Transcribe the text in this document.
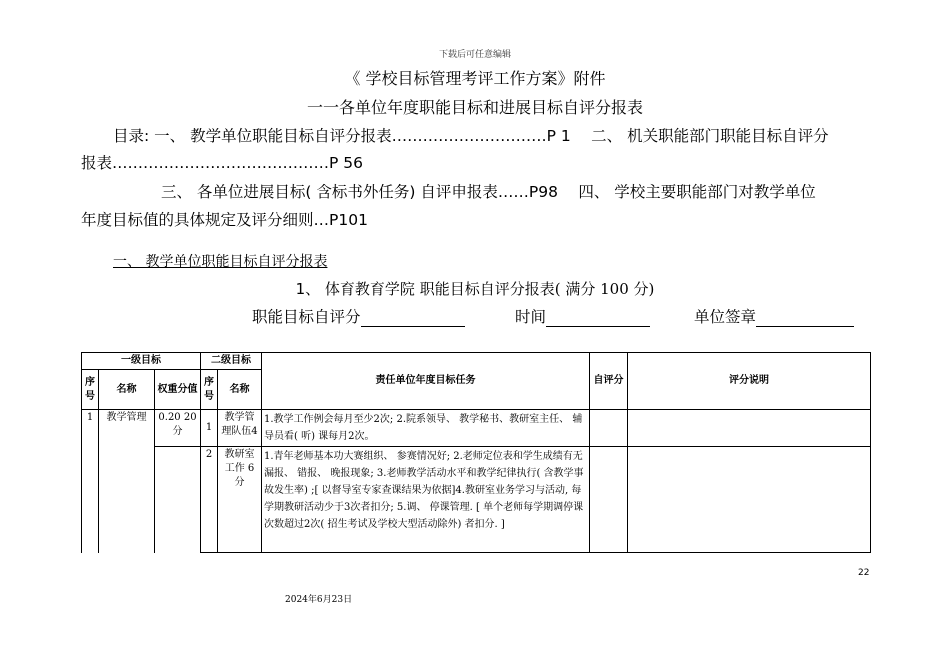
下载后可任意编辑
《 学校目标管理考评工作方案》附件
一一各单位年度职能目标和进展目标自评分报表
目录: 一、 教学单位职能目标自评分报表…………………………P 1　 二、 机关职能部门职能目标自评分
报表……………………………………P 56
三、 各单位进展目标( 含标书外任务) 自评申报表……P98　 四、 学校主要职能部门对教学单位
年度目标值的具体规定及评分细则…P101
一、 教学单位职能目标自评分报表
1、 体育教育学院 职能目标自评分报表( 满分 100 分)
职能目标自评分	时间	单位签章
一级目标			二级目标		责任单位年度目标任务	自评分	评分说明
序号	名称	权重分值	序号	名称			
1	教学管理	0.20 20分	1	教学管理队伍4	1.教学工作例会每月至少2次; 2.院系领导、 教学秘书、教研室主任、 辅导员看( 听) 课每月2次。		
			2	教研室工作 6分	1.青年老师基本功大赛组织、 参赛情况好; 2.老师定位表和学生成绩有无漏报、 错报、 晚报现象; 3.老师教学活动水平和教学纪律执行( 含教学事故发生率) ;[ 以督导室专家查课结果为依据]4.教研室业务学习与活动, 每学期教研活动少于3次者扣分; 5.调、 停课管理. [ 单个老师每学期调停课次数超过2次( 招生考试及学校大型活动除外) 者扣分. ]		
22
2024年6月23日
